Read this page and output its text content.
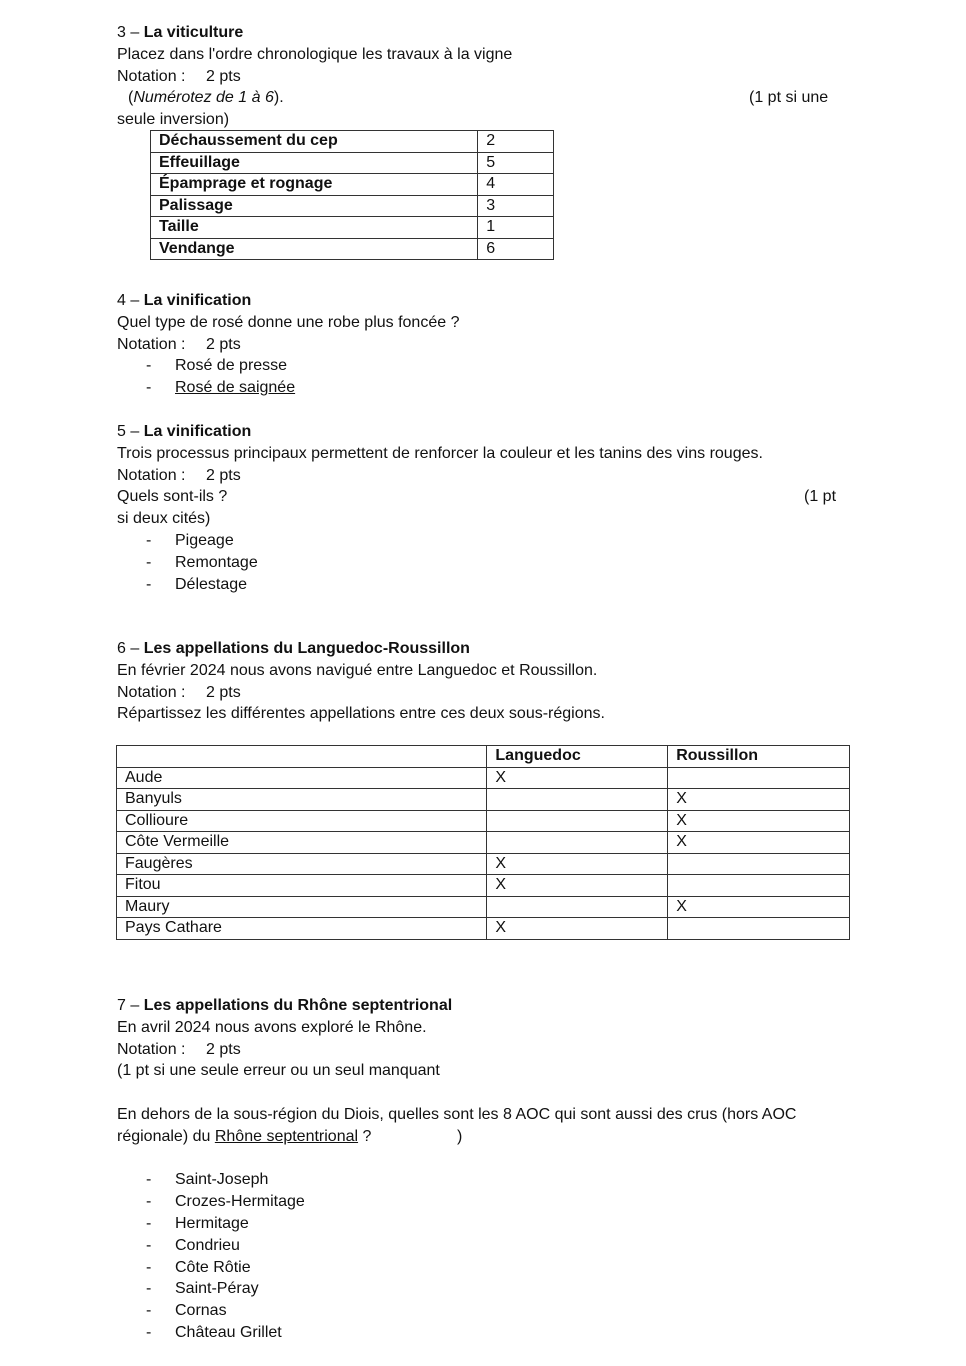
3 – La viticulture
Placez dans l'ordre chronologique les travaux à la vigne
Notation : 2 pts
(Numérotez de 1 à 6).	(1 pt si une
seule inversion)
Déchaussement du cep	2
Effeuillage	5
Épamprage et rognage	4
Palissage	3
Taille	1
Vendange	6
4 – La vinification
Quel type de rosé donne une robe plus foncée ?
Notation : 2 pts
- Rosé de presse
- Rosé de saignée
5 – La vinification
Trois processus principaux permettent de renforcer la couleur et les tanins des vins rouges.
Notation : 2 pts
Quels sont-ils ?	(1 pt
si deux cités)
- Pigeage
- Remontage
- Délestage
6 – Les appellations du Languedoc-Roussillon
En février 2024 nous avons navigué entre Languedoc et Roussillon.
Notation : 2 pts
Répartissez les différentes appellations entre ces deux sous-régions.
	Languedoc	Roussillon
Aude	X	
Banyuls		X
Collioure		X
Côte Vermeille		X
Faugères	X	
Fitou	X	
Maury		X
Pays Cathare	X	
7 – Les appellations du Rhône septentrional
En avril 2024 nous avons exploré le Rhône.
Notation : 2 pts
(1 pt si une seule erreur ou un seul manquant
En dehors de la sous-région du Diois, quelles sont les 8 AOC qui sont aussi des crus (hors AOC
régionale) du Rhône septentrional ?	)
- Saint-Joseph
- Crozes-Hermitage
- Hermitage
- Condrieu
- Côte Rôtie
- Saint-Péray
- Cornas
- Château Grillet
